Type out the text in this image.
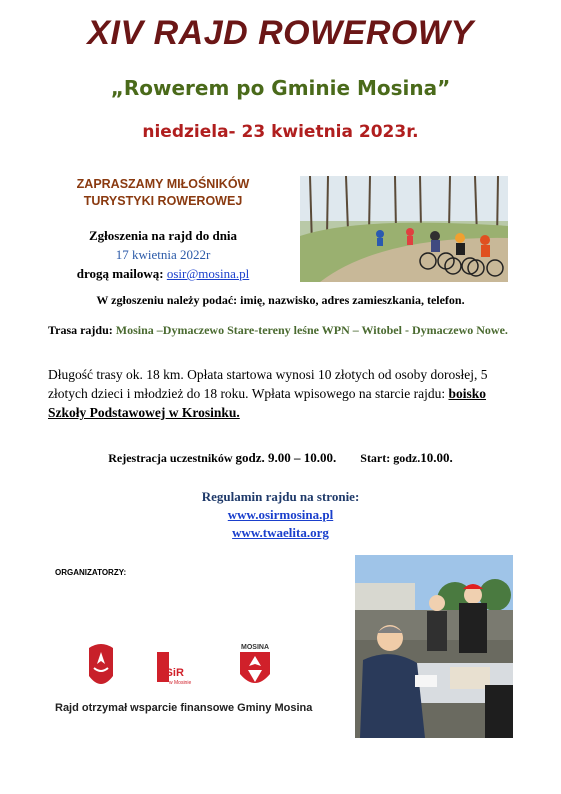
XIV RAJD ROWEROWY
„Rowerem po Gminie Mosina”
niedziela- 23 kwietnia 2023r.
ZAPRASZAMY MIŁOŚNIKÓW
TURYSTYKI ROWEROWEJ
Zgłoszenia na rajd do dnia
17 kwietnia 2022r
drogą mailową: osir@mosina.pl
W zgłoszeniu należy podać: imię, nazwisko, adres zamieszkania, telefon.
Trasa rajdu: Mosina –Dymaczewo Stare-tereny leśne WPN – Witobel - Dymaczewo Nowe.
Długość trasy ok. 18 km. Opłata startowa wynosi 10 złotych od osoby dorosłej, 5 złotych dzieci i młodzież do 18 roku. Wpłata wpisowego na starcie rajdu: boisko Szkoły Podstawowej w Krosinku.
Rejestracja uczestników godz. 9.00 – 10.00. Start: godz.10.00.
Regulamin rajdu na stronie:
www.osirmosina.pl
www.twaelita.org
ORGANIZATORZY:
OSiR
w Mosinie
MOSINA
Rajd otrzymał wsparcie finansowe Gminy Mosina
